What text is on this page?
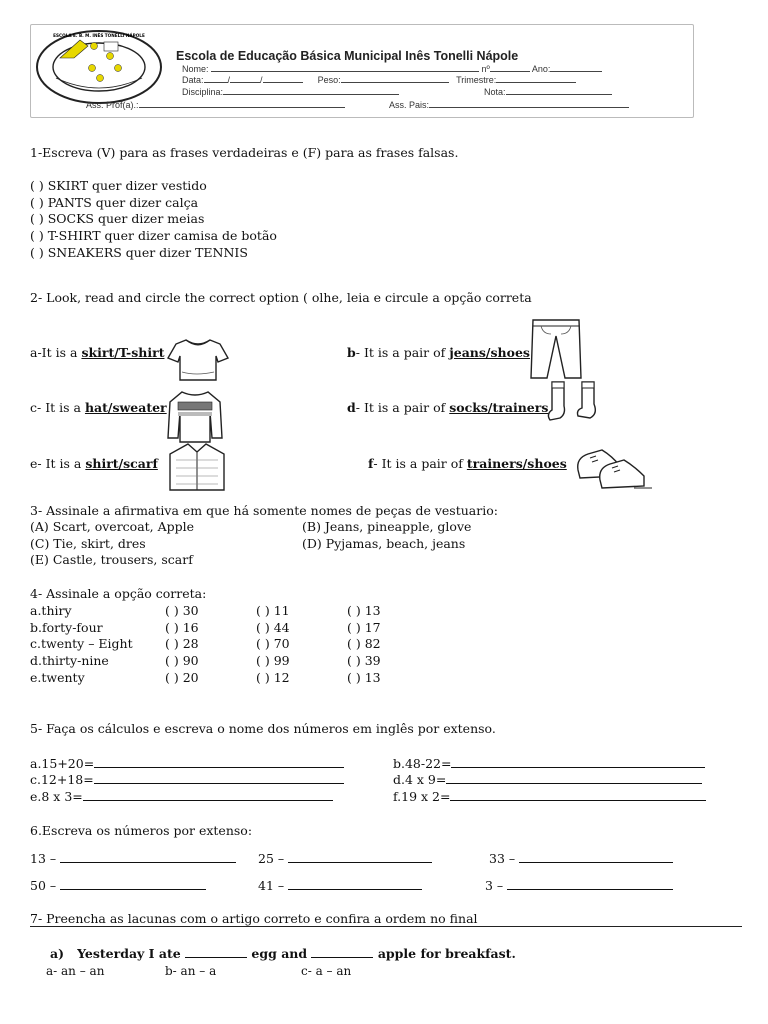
ESCOLA E. B. M. INÊS TONELLI NÁPOLE
Escola de Educação Básica Municipal Inês Tonelli Nápole
Nome:	nº	Ano:
Data:	/	/	Peso:	Trimestre:
Disciplina:	Nota:
Ass. Prof(a).:	Ass. Pais:
1-Escreva (V) para as frases verdadeiras e (F) para as frases falsas.
( ) SKIRT quer dizer vestido
( ) PANTS quer dizer calça
( ) SOCKS quer dizer meias
( ) T-SHIRT quer dizer camisa de botão
( ) SNEAKERS quer dizer TENNIS
2- Look, read and circle the correct option ( olhe, leia e circule a opção correta
a-It is a skirt/T-shirt	b- It is a pair of jeans/shoes
c- It is a hat/sweater	d- It is a pair of socks/trainers
e- It is a shirt/scarf	f- It is a pair of trainers/shoes
3- Assinale a afirmativa em que há somente nomes de peças de vestuario:
(A) Scart, overcoat, Apple	(B) Jeans, pineapple, glove
(C) Tie, skirt, dres	(D) Pyjamas, beach, jeans
(E) Castle, trousers, scarf
4- Assinale a opção correta:
a.thiry	( ) 30	( ) 11	( ) 13
b.forty-four	( ) 16	( ) 44	( ) 17
c.twenty – Eight	( ) 28	( ) 70	( ) 82
d.thirty-nine	( ) 90	( ) 99	( ) 39
e.twenty	( ) 20	( ) 12	( ) 13
5- Faça os cálculos e escreva o nome dos números em inglês por extenso.
a.15+20=	b.48-22=
c.12+18=	d.4 x 9=
e.8 x 3=	f.19 x 2=
6.Escreva os números por extenso:
13 –	25 –	33 –
50 –	41 –	3 –
7- Preencha as lacunas com o artigo correto e confira a ordem no final
a) Yesterday I ate	egg and	apple for breakfast.
a- an – an	b- an – a	c- a – an
